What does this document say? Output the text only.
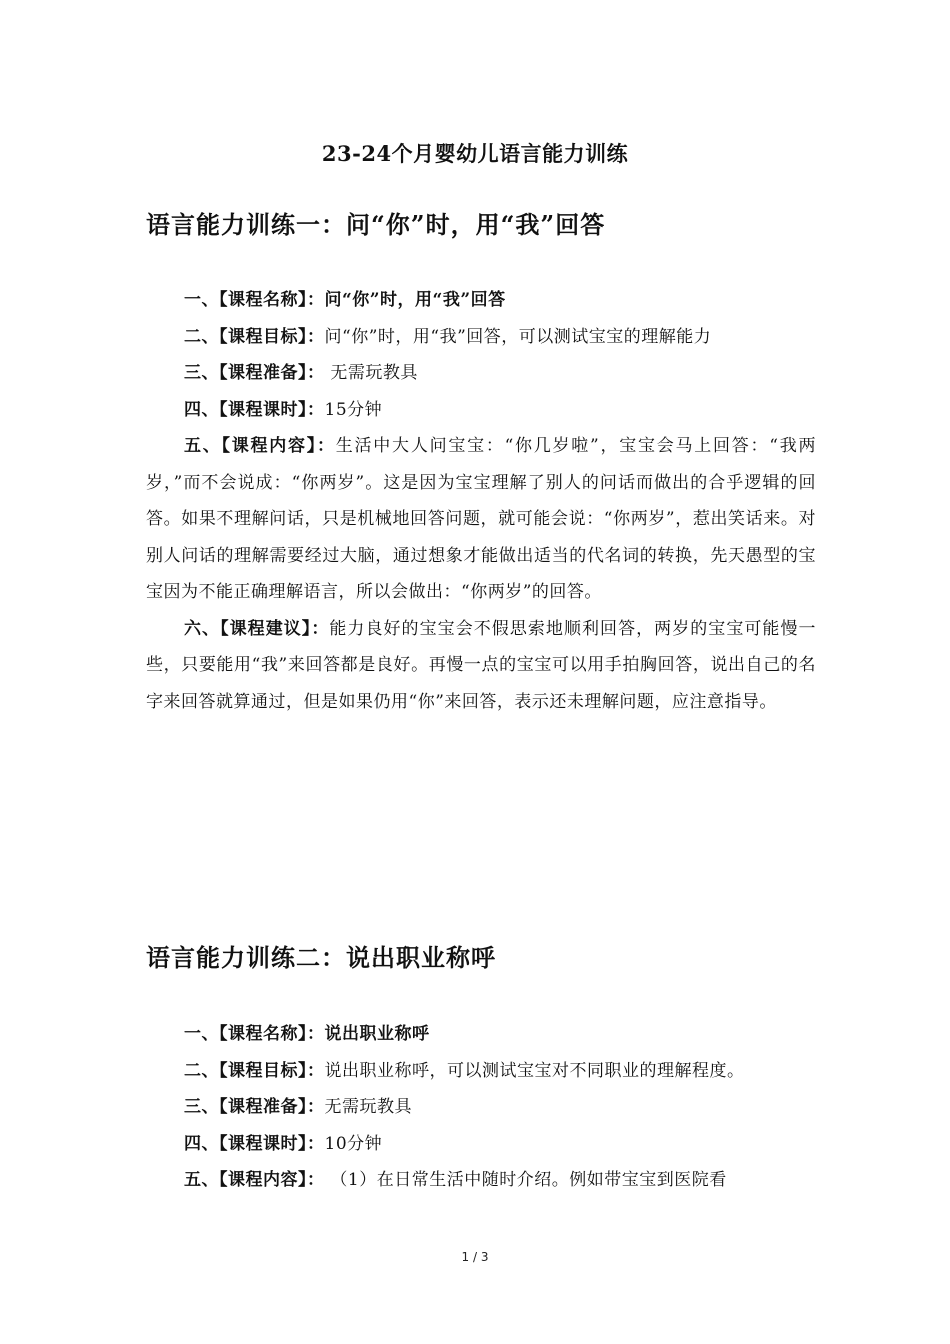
23-24个月婴幼儿语言能力训练
语言能力训练一：问“你”时，用“我”回答

一、【课程名称】：问“你”时，用“我”回答

二、【课程目标】：问“你”时，用“我”回答，可以测试宝宝的理解能力

三、【课程准备】： 无需玩教具

四、【课程课时】：15分钟

五、【课程内容】：生活中大人问宝宝：“你几岁啦”，宝宝会马上回答：“我两岁，”而不会说成：“你两岁”。这是因为宝宝理解了别人的问话而做出的合乎逻辑的回答。如果不理解问话，只是机械地回答问题，就可能会说：“你两岁”，惹出笑话来。对别人问话的理解需要经过大脑，通过想象才能做出适当的代名词的转换，先天愚型的宝宝因为不能正确理解语言，所以会做出：“你两岁”的回答。

六、【课程建议】：能力良好的宝宝会不假思索地顺利回答，两岁的宝宝可能慢一些，只要能用“我”来回答都是良好。再慢一点的宝宝可以用手拍胸回答，说出自己的名字来回答就算通过，但是如果仍用“你”来回答，表示还未理解问题，应注意指导。

语言能力训练二：说出职业称呼

一、【课程名称】：说出职业称呼

二、【课程目标】：说出职业称呼，可以测试宝宝对不同职业的理解程度。

三、【课程准备】：无需玩教具

四、【课程课时】：10分钟

五、【课程内容】： （1）在日常生活中随时介绍。例如带宝宝到医院看

1 / 3
